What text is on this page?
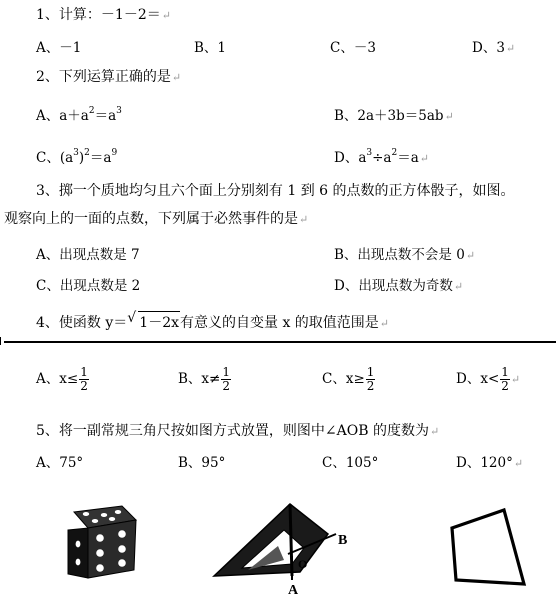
1、计算：－1－2＝↵
A、－1	B、1	C、－3	D、3↵
2、下列运算正确的是↵
A、$a+a^2=a^3$	B、2a＋3b＝5ab↵
C、$(a^3)^2=a^9$	D、$a^3\div a^2=a↵$
3、掷一个质地均匀且六个面上分别刻有 1 到 6 的点数的正方体骰子，如图。
观察向上的一面的点数，下列属于必然事件的是↵
A、出现点数是 7	B、出现点数不会是 0↵
C、出现点数是 2	D、出现点数为奇数↵
4、使函数 y＝ √ 1－2x有意义的自变量 x 的取值范围是↵
A、$x\le \frac{1}{2}$	B、$x\ne \frac{1}{2}$	C、$x\ge \frac{1}{2}$	D、$x< \frac{1}{2}$ ↵
5、将一副常规三角尺按如图方式放置，则图中∠AOB 的度数为↵
A、75°	B、95°	C、105°	D、120°↵
B
O
A
